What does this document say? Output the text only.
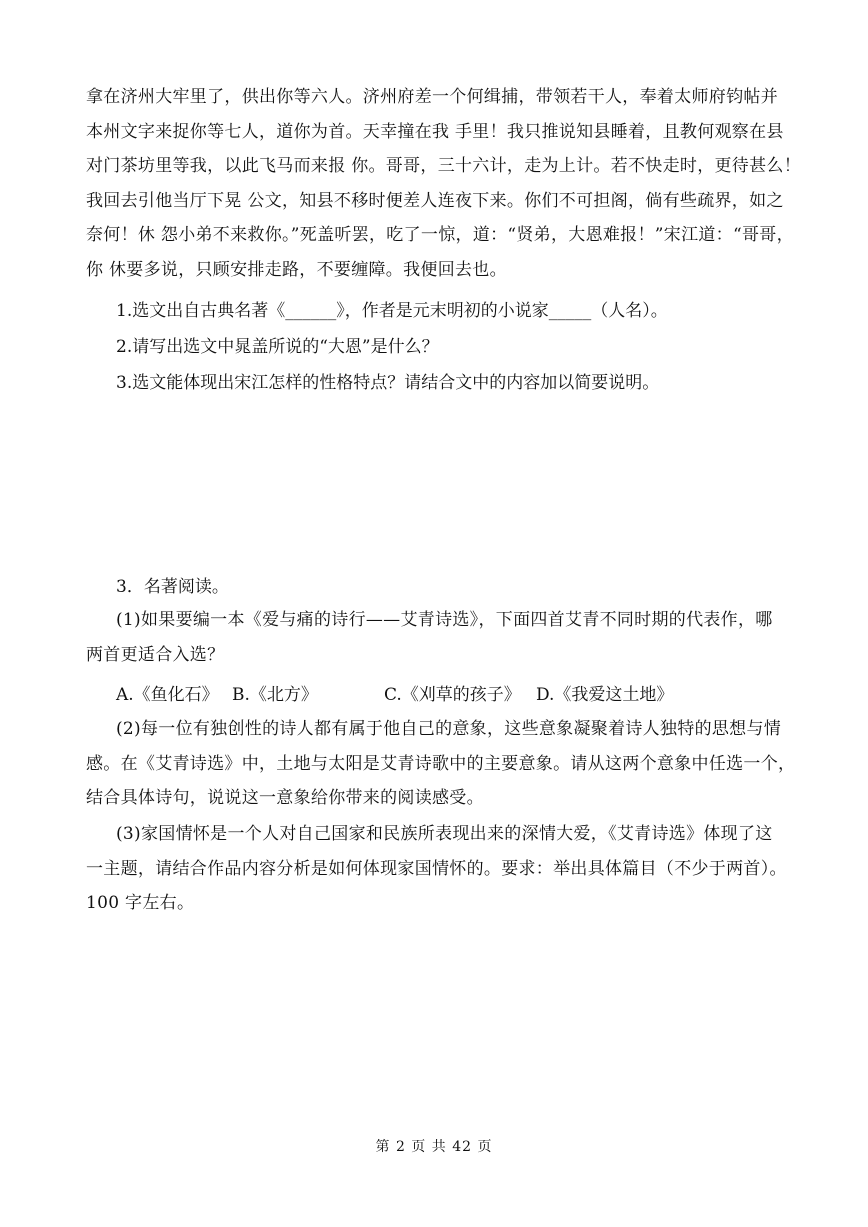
拿在济州大牢里了，供出你等六人。济州府差一个何缉捕，带领若干人，奉着太师府钧帖并
本州文字来捉你等七人，道你为首。天幸撞在我 手里！我只推说知县睡着，且教何观察在县
对门茶坊里等我，以此飞马而来报 你。哥哥，三十六计，走为上计。若不快走时，更待甚么！
我回去引他当厅下晃 公文，知县不移时便差人连夜下来。你们不可担阁，倘有些疏界，如之
奈何！休 怨小弟不来救你。”死盖听罢，吃了一惊，道：“贤弟，大恩难报！”宋江道：“哥哥，
你 休要多说，只顾安排走路，不要缠障。我便回去也。

1.选文出自古典名著《______》，作者是元末明初的小说家_____（人名）。

2.请写出选文中晁盖所说的“大恩”是什么？

3.选文能体现出宋江怎样的性格特点？请结合文中的内容加以简要说明。

3．名著阅读。

(1)如果要编一本《爱与痛的诗行——艾青诗选》，下面四首艾青不同时期的代表作，哪
两首更适合入选？
A.《鱼化石》 B.《北方》	C.《刈草的孩子》 D.《我爱这土地》
(2)每一位有独创性的诗人都有属于他自己的意象，这些意象凝聚着诗人独特的思想与情
感。在《艾青诗选》中，土地与太阳是艾青诗歌中的主要意象。请从这两个意象中任选一个，
结合具体诗句，说说这一意象给你带来的阅读感受。
(3)家国情怀是一个人对自己国家和民族所表现出来的深情大爱，《艾青诗选》体现了这
一主题，请结合作品内容分析是如何体现家国情怀的。要求：举出具体篇目（不少于两首）。
100 字左右。
第 2 页 共 42 页
